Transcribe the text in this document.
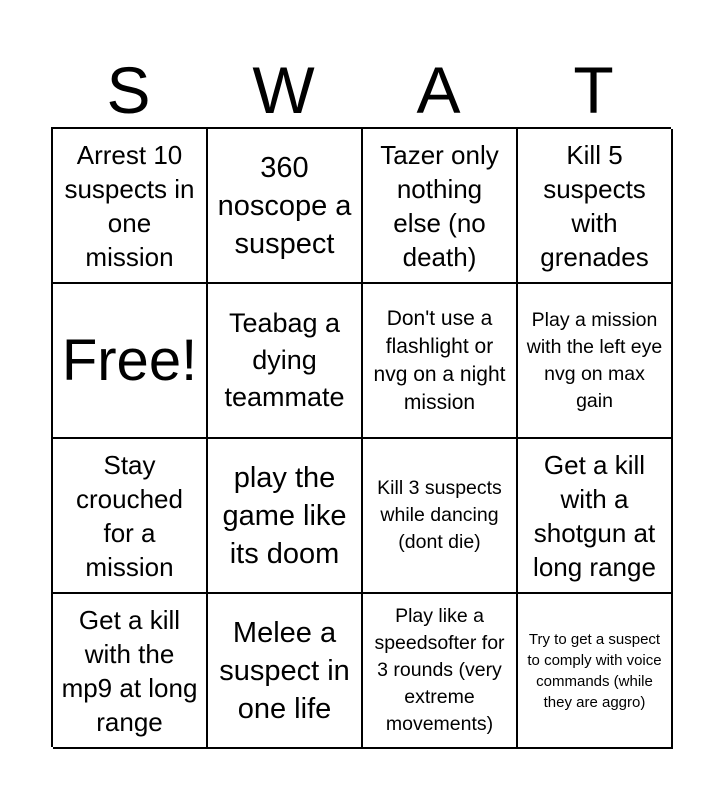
S	W	A	T
Arrest 10 suspects in one mission
360 noscope a suspect
Tazer only nothing else (no death)
Kill 5 suspects with grenades
Free!
Teabag a dying teammate
Don't use a flashlight or nvg on a night mission
Play a mission with the left eye nvg on max gain
Stay crouched for a mission
play the game like its doom
Kill 3 suspects while dancing (dont die)
Get a kill with a shotgun at long range
Get a kill with the mp9 at long range
Melee a suspect in one life
Play like a speedsofter for 3 rounds (very extreme movements)
Try to get a suspect to comply with voice commands (while they are aggro)
